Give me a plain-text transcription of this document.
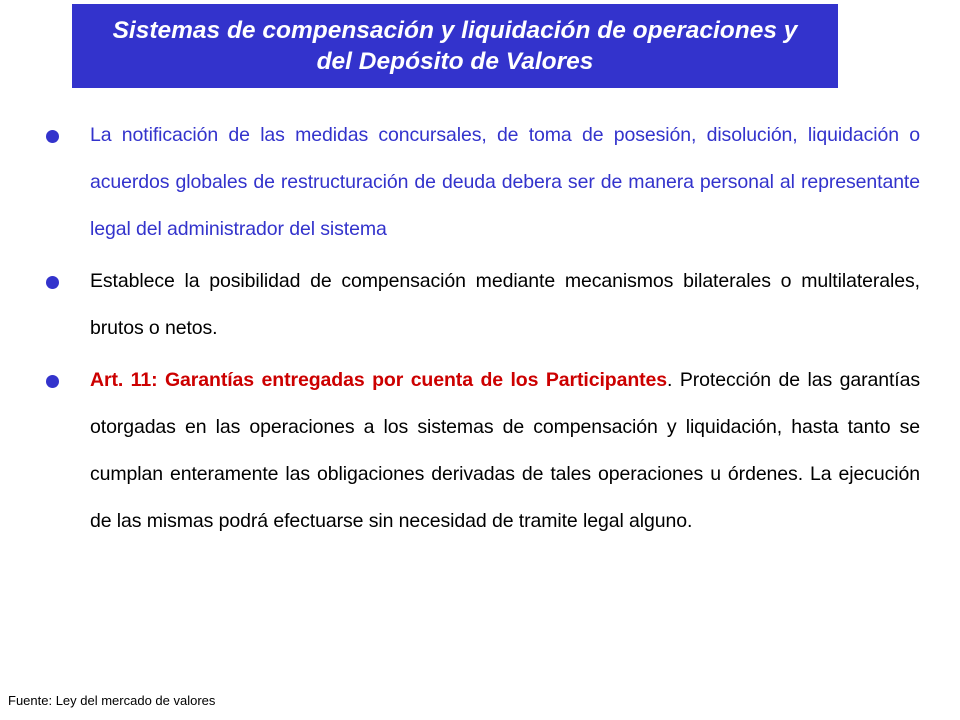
Sistemas de compensación y liquidación de operaciones y
del Depósito de Valores
La notificación de las medidas concursales, de toma de posesión, disolución, liquidación o acuerdos globales de restructuración de deuda debera ser de manera personal al representante legal del administrador del sistema
Establece la posibilidad de compensación mediante mecanismos bilaterales o multilaterales, brutos o netos.
Art. 11: Garantías entregadas por cuenta de los Participantes. Protección de las garantías otorgadas en las operaciones a los sistemas de compensación y liquidación, hasta tanto se cumplan enteramente las obligaciones derivadas de tales operaciones u órdenes. La ejecución de las mismas podrá efectuarse sin necesidad de tramite legal alguno.
Fuente: Ley del mercado de valores
